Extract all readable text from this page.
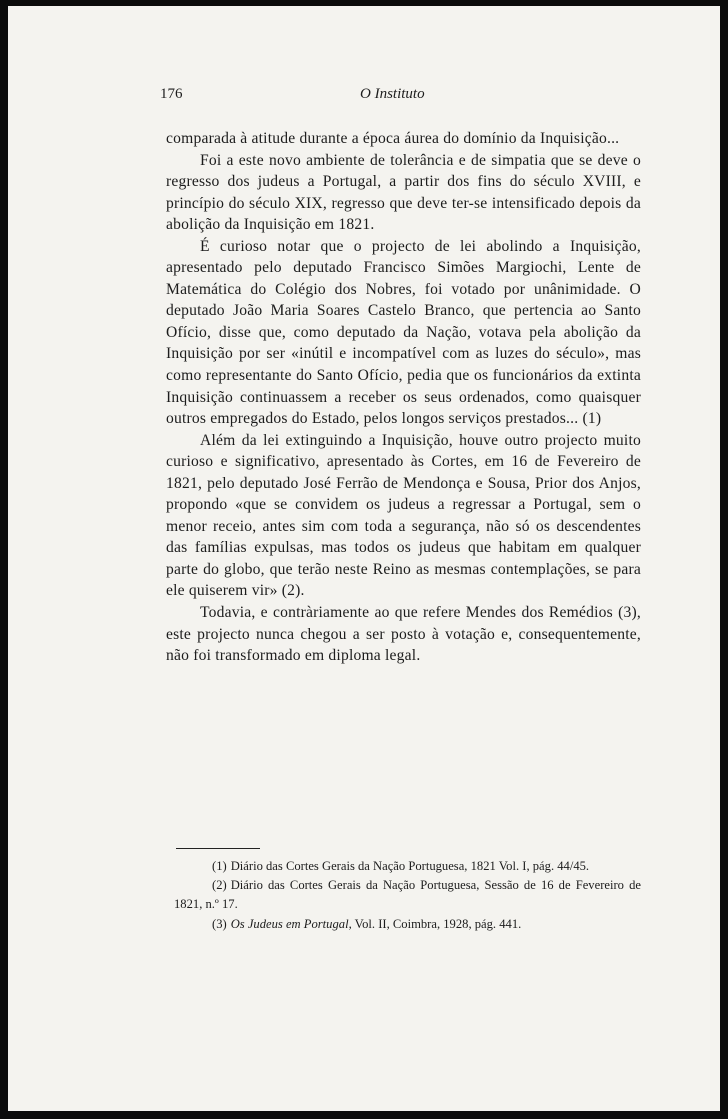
176	O Instituto

comparada à atitude durante a época áurea do domínio da Inquisição...

Foi a este novo ambiente de tolerância e de simpatia que se deve o regresso dos judeus a Portugal, a partir dos fins do século XVIII, e princípio do século XIX, regresso que deve ter-se intensificado depois da abolição da Inquisição em 1821.

É curioso notar que o projecto de lei abolindo a Inquisição, apresentado pelo deputado Francisco Simões Margiochi, Lente de Matemática do Colégio dos Nobres, foi votado por unânimidade. O deputado João Maria Soares Castelo Branco, que pertencia ao Santo Ofício, disse que, como deputado da Nação, votava pela abolição da Inquisição por ser «inútil e incompatível com as luzes do século», mas como representante do Santo Ofício, pedia que os funcionários da extinta Inquisição continuassem a receber os seus ordenados, como quaisquer outros empregados do Estado, pelos longos serviços prestados... (1)

Além da lei extinguindo a Inquisição, houve outro projecto muito curioso e significativo, apresentado às Cortes, em 16 de Fevereiro de 1821, pelo deputado José Ferrão de Mendonça e Sousa, Prior dos Anjos, propondo «que se convidem os judeus a regressar a Portugal, sem o menor receio, antes sim com toda a segurança, não só os descendentes das famílias expulsas, mas todos os judeus que habitam em qualquer parte do globo, que terão neste Reino as mesmas contemplações, se para ele quiserem vir» (2).

Todavia, e contràriamente ao que refere Mendes dos Remédios (3), este projecto nunca chegou a ser posto à votação e, consequentemente, não foi transformado em diploma legal.

(1) Diário das Cortes Gerais da Nação Portuguesa, 1821 Vol. I, pág. 44/45.

(2) Diário das Cortes Gerais da Nação Portuguesa, Sessão de 16 de Fevereiro de 1821, n.º 17.

(3) Os Judeus em Portugal, Vol. II, Coimbra, 1928, pág. 441.
